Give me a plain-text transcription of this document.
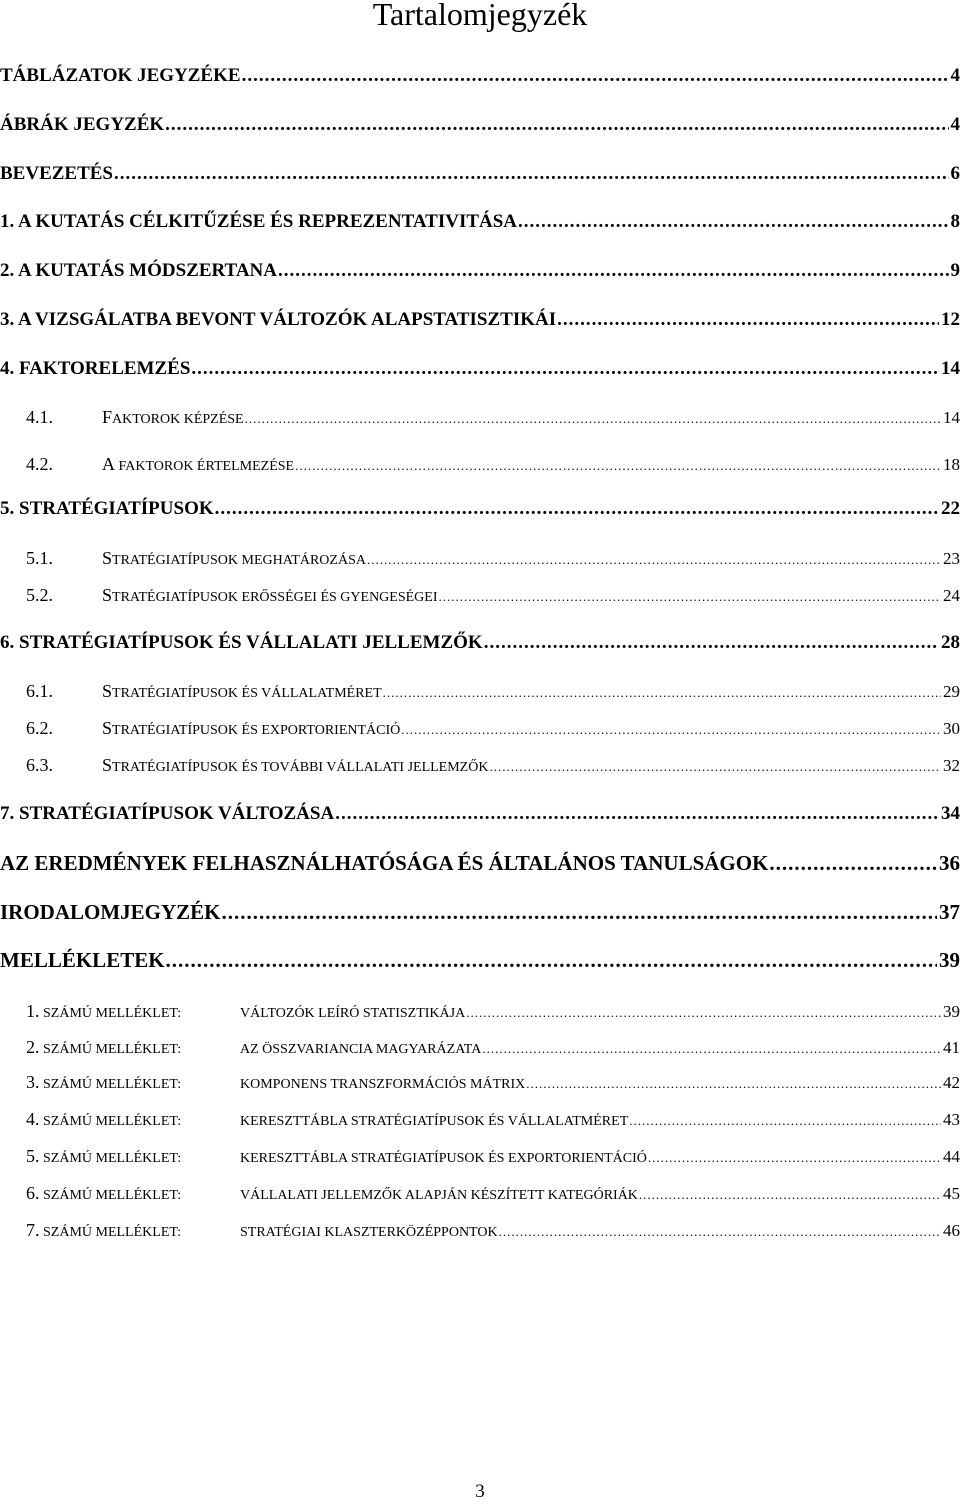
Tartalomjegyzék
TÁBLÁZATOK JEGYZÉKE .....	4
ÁBRÁK JEGYZÉK .....	4
BEVEZETÉS .....	6
1. A KUTATÁS CÉLKITŰZÉSE ÉS REPREZENTATIVITÁSA .....	8
2. A KUTATÁS MÓDSZERTANA .....	9
3. A VIZSGÁLATBA BEVONT VÁLTOZÓK ALAPSTATISZTIKÁI .....	12
4. FAKTORELEMZÉS .....	14
4.1.	FAKTOROK KÉPZÉSE .....	14
4.2.	A FAKTOROK ÉRTELMEZÉSE .....	18
5. STRATÉGIATÍPUSOK .....	22
5.1.	STRATÉGIATÍPUSOK MEGHATÁROZÁSA .....	23
5.2.	STRATÉGIATÍPUSOK ERŐSSÉGEI ÉS GYENGESÉGEI .....	24
6. STRATÉGIATÍPUSOK ÉS VÁLLALATI JELLEMZŐK .....	28
6.1.	STRATÉGIATÍPUSOK ÉS VÁLLALATMÉRET .....	29
6.2.	STRATÉGIATÍPUSOK ÉS EXPORTORIENTÁCIÓ .....	30
6.3.	STRATÉGIATÍPUSOK ÉS TOVÁBBI VÁLLALATI JELLEMZŐK .....	32
7. STRATÉGIATÍPUSOK VÁLTOZÁSA .....	34
AZ EREDMÉNYEK FELHASZNÁLHATÓSÁGA ÉS ÁLTALÁNOS TANULSÁGOK .....	36
IRODALOMJEGYZÉK .....	37
MELLÉKLETEK .....	39
1. SZÁMÚ MELLÉKLET:	VÁLTOZÓK LEÍRÓ STATISZTIKÁJA .....	39
2. SZÁMÚ MELLÉKLET:	AZ ÖSSZVARIANCIA MAGYARÁZATA .....	41
3. SZÁMÚ MELLÉKLET:	KOMPONENS TRANSZFORMÁCIÓS MÁTRIX .....	42
4. SZÁMÚ MELLÉKLET:	KERESZTTÁBLA STRATÉGIATÍPUSOK ÉS VÁLLALATMÉRET .....	43
5. SZÁMÚ MELLÉKLET:	KERESZTTÁBLA STRATÉGIATÍPUSOK ÉS EXPORTORIENTÁCIÓ .....	44
6. SZÁMÚ MELLÉKLET:	VÁLLALATI JELLEMZŐK ALAPJÁN KÉSZÍTETT KATEGÓRIÁK .....	45
7. SZÁMÚ MELLÉKLET:	STRATÉGIAI KLASZTERKÖZÉPPONTOK .....	46
3
